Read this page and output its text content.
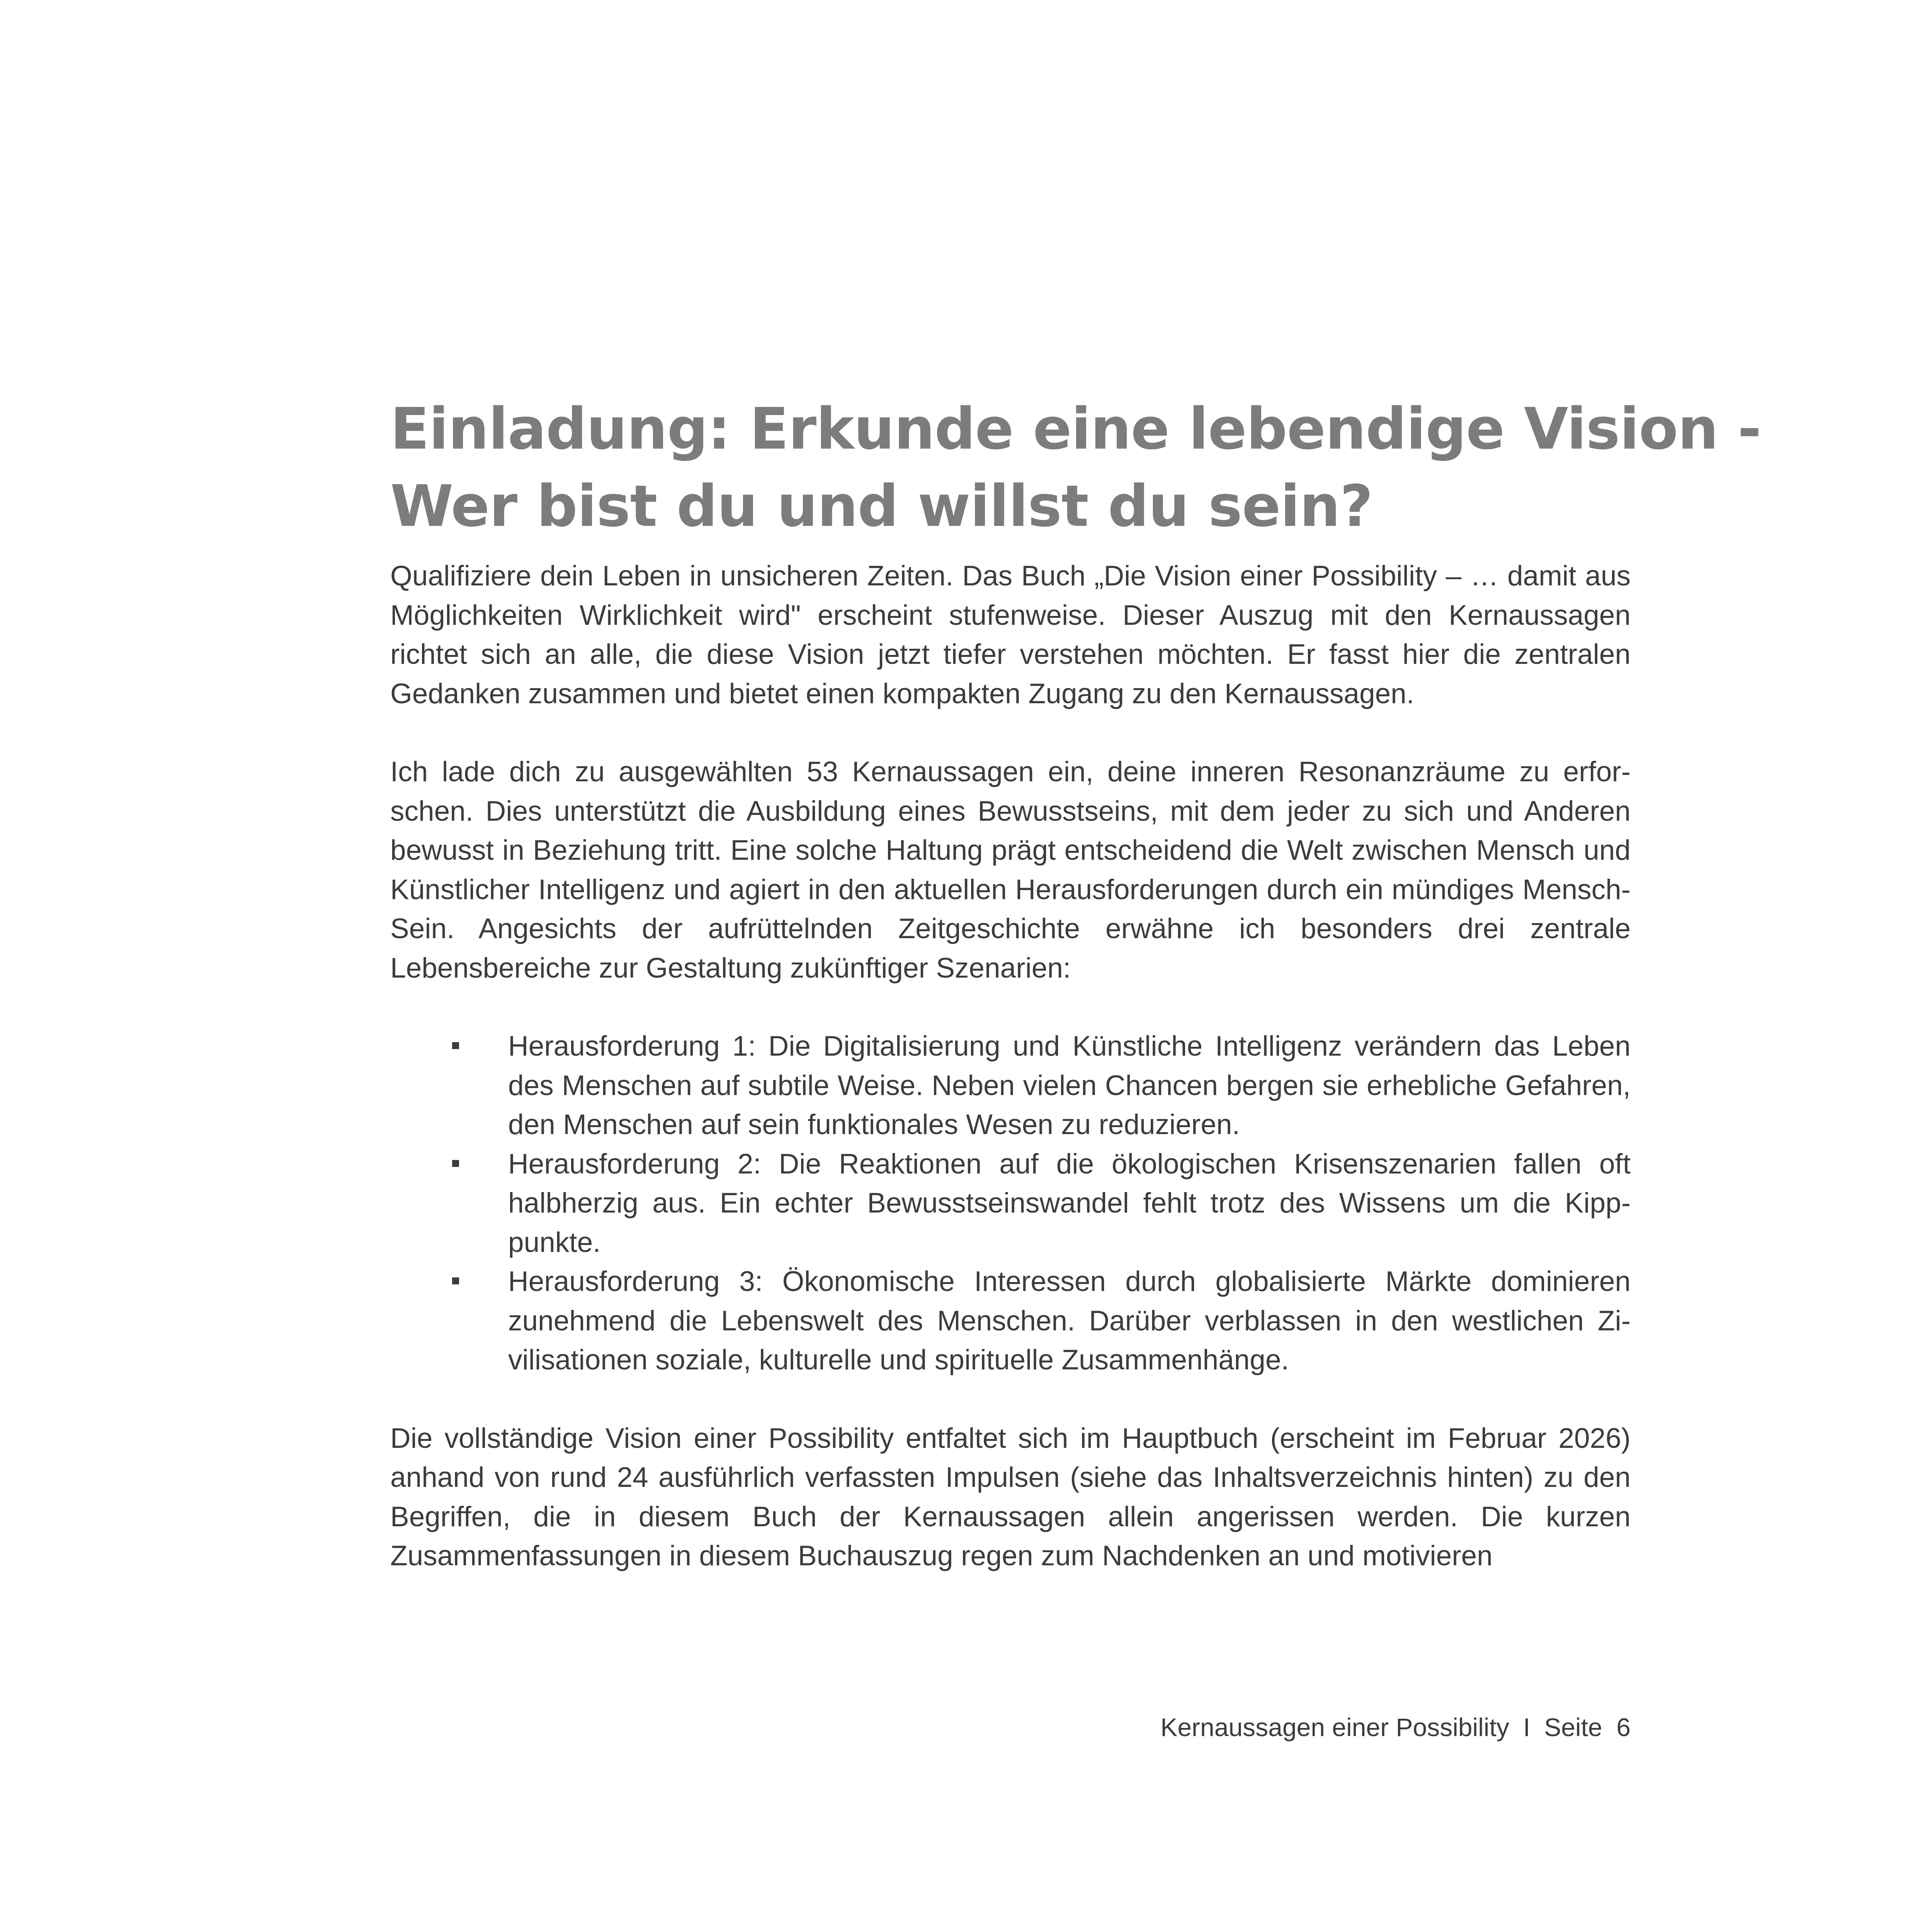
Einladung: Erkunde eine lebendige Vision -
Wer bist du und willst du sein?

Qualifiziere dein Leben in unsicheren Zeiten. Das Buch „Die Vision einer Possibility – … damit aus Möglichkeiten Wirklichkeit wird" erscheint stufenweise. Dieser Auszug mit den Kernaussagen richtet sich an alle, die diese Vision jetzt tiefer verstehen möchten. Er fasst hier die zentralen Gedanken zusammen und bietet einen kompakten Zugang zu den Kernaussagen.

Ich lade dich zu ausgewählten 53 Kernaussagen ein, deine inneren Resonanzräume zu erforschen. Dies unterstützt die Ausbildung eines Bewusstseins, mit dem jeder zu sich und Anderen bewusst in Beziehung tritt. Eine solche Haltung prägt entscheidend die Welt zwischen Mensch und Künstlicher Intelligenz und agiert in den aktuellen Herausforderungen durch ein mündiges Mensch-Sein. Angesichts der aufrüttelnden Zeitgeschichte erwähne ich besonders drei zentrale Lebensbereiche zur Gestaltung zukünftiger Szenarien:

Herausforderung 1: Die Digitalisierung und Künstliche Intelligenz verändern das Leben des Menschen auf subtile Weise. Neben vielen Chancen bergen sie erhebliche Gefahren, den Menschen auf sein funktionales Wesen zu reduzieren.
Herausforderung 2: Die Reaktionen auf die ökologischen Krisenszenarien fallen oft halbherzig aus. Ein echter Bewusstseinswandel fehlt trotz des Wissens um die Kipppunkte.
Herausforderung 3: Ökonomische Interessen durch globalisierte Märkte dominieren zunehmend die Lebenswelt des Menschen. Darüber verblassen in den westlichen Zivilisationen soziale, kulturelle und spirituelle Zusammenhänge.

Die vollständige Vision einer Possibility entfaltet sich im Hauptbuch (erscheint im Februar 2026) anhand von rund 24 ausführlich verfassten Impulsen (siehe das Inhaltsverzeichnis hinten) zu den Begriffen, die in diesem Buch der Kernaussagen allein angerissen werden. Die kurzen Zusammenfassungen in diesem Buchauszug regen zum Nachdenken an und motivieren

Kernaussagen einer Possibility I Seite 6
